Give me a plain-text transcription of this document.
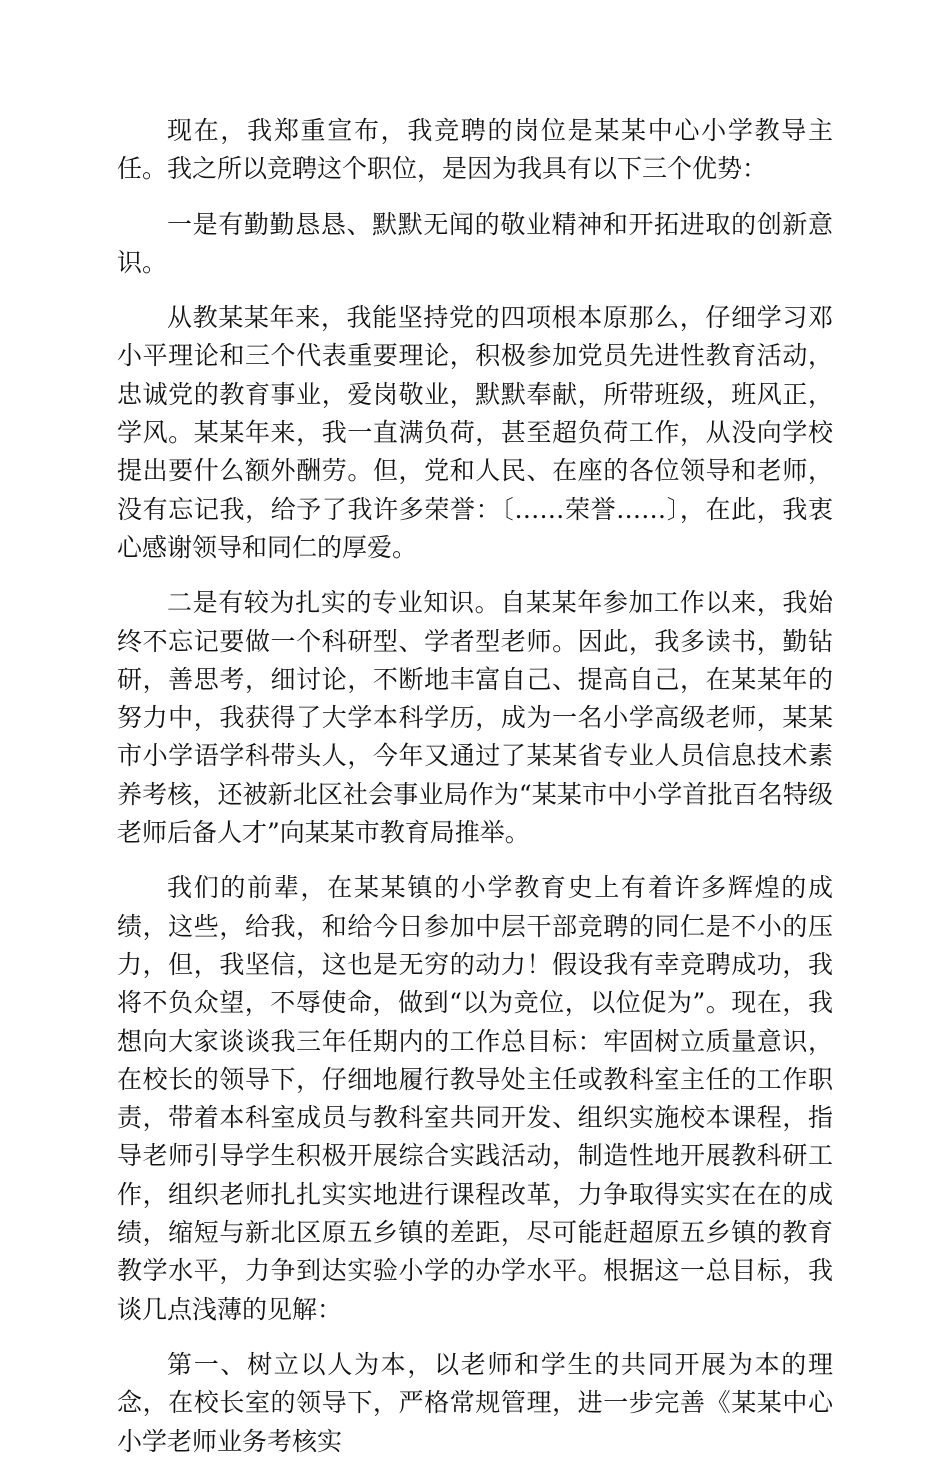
现在，我郑重宣布，我竞聘的岗位是某某中心小学教导主任。我之所以竞聘这个职位，是因为我具有以下三个优势：

一是有勤勤恳恳、默默无闻的敬业精神和开拓进取的创新意识。

从教某某年来，我能坚持党的四项根本原那么，仔细学习邓小平理论和三个代表重要理论，积极参加党员先进性教育活动，忠诚党的教育事业，爱岗敬业，默默奉献，所带班级，班风正，学风。某某年来，我一直满负荷，甚至超负荷工作，从没向学校提出要什么额外酬劳。但，党和人民、在座的各位领导和老师，没有忘记我，给予了我许多荣誉：〔……荣誉……〕，在此，我衷心感谢领导和同仁的厚爱。

二是有较为扎实的专业知识。自某某年参加工作以来，我始终不忘记要做一个科研型、学者型老师。因此，我多读书，勤钻研，善思考，细讨论，不断地丰富自己、提高自己，在某某年的努力中，我获得了大学本科学历，成为一名小学高级老师，某某市小学语学科带头人，今年又通过了某某省专业人员信息技术素养考核，还被新北区社会事业局作为“某某市中小学首批百名特级老师后备人才”向某某市教育局推举。

我们的前辈，在某某镇的小学教育史上有着许多辉煌的成绩，这些，给我，和给今日参加中层干部竞聘的同仁是不小的压力，但，我坚信，这也是无穷的动力！假设我有幸竞聘成功，我将不负众望，不辱使命，做到“以为竞位，以位促为”。现在，我想向大家谈谈我三年任期内的工作总目标：牢固树立质量意识，在校长的领导下，仔细地履行教导处主任或教科室主任的工作职责，带着本科室成员与教科室共同开发、组织实施校本课程，指导老师引导学生积极开展综合实践活动，制造性地开展教科研工作，组织老师扎扎实实地进行课程改革，力争取得实实在在的成绩，缩短与新北区原五乡镇的差距，尽可能赶超原五乡镇的教育教学水平，力争到达实验小学的办学水平。根据这一总目标，我谈几点浅薄的见解：

第一、树立以人为本，以老师和学生的共同开展为本的理念，在校长室的领导下，严格常规管理，进一步完善《某某中心小学老师业务考核实
